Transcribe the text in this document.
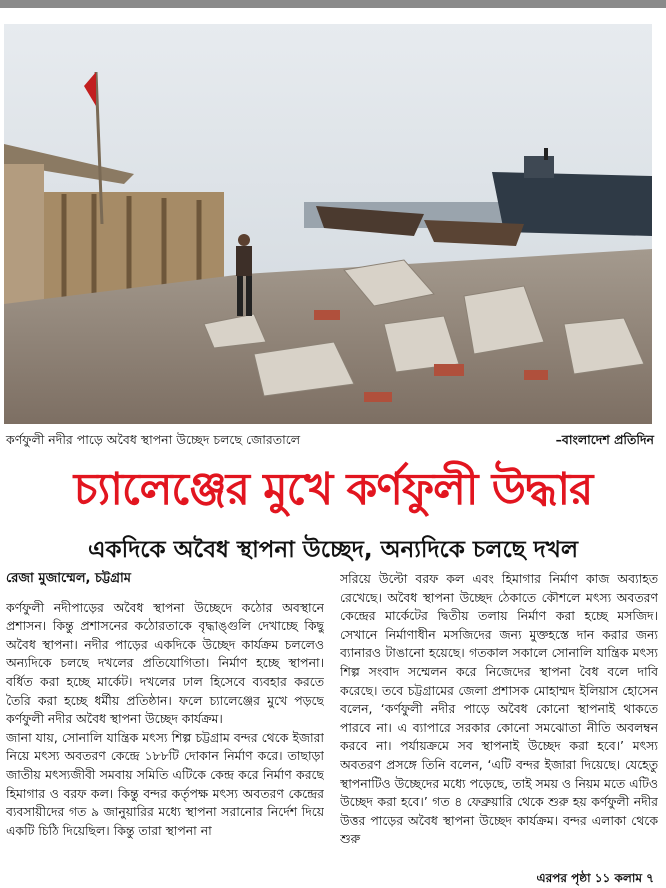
কর্ণফুলী নদীর পাড়ে অবৈধ স্থাপনা উচ্ছেদ চলছে জোরতালে	–বাংলাদেশ প্রতিদিন
চ্যালেঞ্জের মুখে কর্ণফুলী উদ্ধার
একদিকে অবৈধ স্থাপনা উচ্ছেদ, অন্যদিকে চলছে দখল
রেজা মুজাম্মেল, চট্টগ্রাম

কর্ণফুলী নদীপাড়ের অবৈধ স্থাপনা উচ্ছেদে কঠোর অবস্থানে প্রশাসন। কিন্তু প্রশাসনের কঠোরতাকে বৃদ্ধাঙ্গুলি দেখাচ্ছে কিছু অবৈধ স্থাপনা। নদীর পাড়ের একদিকে উচ্ছেদ কার্যক্রম চললেও অন্যদিকে চলছে দখলের প্রতিযোগিতা। নির্মাণ হচ্ছে স্থাপনা। বর্ধিত করা হচ্ছে মার্কেট। দখলের ঢাল হিসেবে ব্যবহার করতে তৈরি করা হচ্ছে ধর্মীয় প্রতিষ্ঠান। ফলে চ্যালেঞ্জের মুখে পড়ছে কর্ণফুলী নদীর অবৈধ স্থাপনা উচ্ছেদ কার্যক্রম।

জানা যায়, সোনালি যান্ত্রিক মৎস্য শিল্প চট্টগ্রাম বন্দর থেকে ইজারা নিয়ে মৎস্য অবতরণ কেন্দ্রে ১৮৮টি দোকান নির্মাণ করে। তাছাড়া জাতীয় মৎস্যজীবী সমবায় সমিতি এটিকে কেন্দ্র করে নির্মাণ করছে হিমাগার ও বরফ কল। কিন্তু বন্দর কর্তৃপক্ষ মৎস্য অবতরণ কেন্দ্রের ব্যবসায়ীদের গত ৯ জানুয়ারির মধ্যে স্থাপনা সরানোর নির্দেশ দিয়ে একটি চিঠি দিয়েছিল। কিন্তু তারা স্থাপনা না

সরিয়ে উল্টো বরফ কল এবং হিমাগার নির্মাণ কাজ অব্যাহত রেখেছে। অবৈধ স্থাপনা উচ্ছেদ ঠেকাতে কৌশলে মৎস্য অবতরণ কেন্দ্রের মার্কেটের দ্বিতীয় তলায় নির্মাণ করা হচ্ছে মসজিদ। সেখানে নির্মাণাধীন মসজিদের জন্য মুক্তহস্তে দান করার জন্য ব্যানারও টাঙানো হয়েছে। গতকাল সকালে সোনালি যান্ত্রিক মৎস্য শিল্প সংবাদ সম্মেলন করে নিজেদের স্থাপনা বৈধ বলে দাবি করেছে। তবে চট্টগ্রামের জেলা প্রশাসক মোহাম্মদ ইলিয়াস হোসেন বলেন, ‘কর্ণফুলী নদীর পাড়ে অবৈধ কোনো স্থাপনাই থাকতে পারবে না। এ ব্যাপারে সরকার কোনো সমঝোতা নীতি অবলম্বন করবে না। পর্যায়ক্রমে সব স্থাপনাই উচ্ছেদ করা হবে।’ মৎস্য অবতরণ প্রসঙ্গে তিনি বলেন, ‘এটি বন্দর ইজারা দিয়েছে। যেহেতু স্থাপনাটিও উচ্ছেদের মধ্যে পড়েছে, তাই সময় ও নিয়ম মতে এটিও উচ্ছেদ করা হবে।’ গত ৪ ফেব্রুয়ারি থেকে শুরু হয় কর্ণফুলী নদীর উত্তর পাড়ের অবৈধ স্থাপনা উচ্ছেদ কার্যক্রম। বন্দর এলাকা থেকে শুরু

এরপর পৃষ্ঠা ১১ কলাম ৭
